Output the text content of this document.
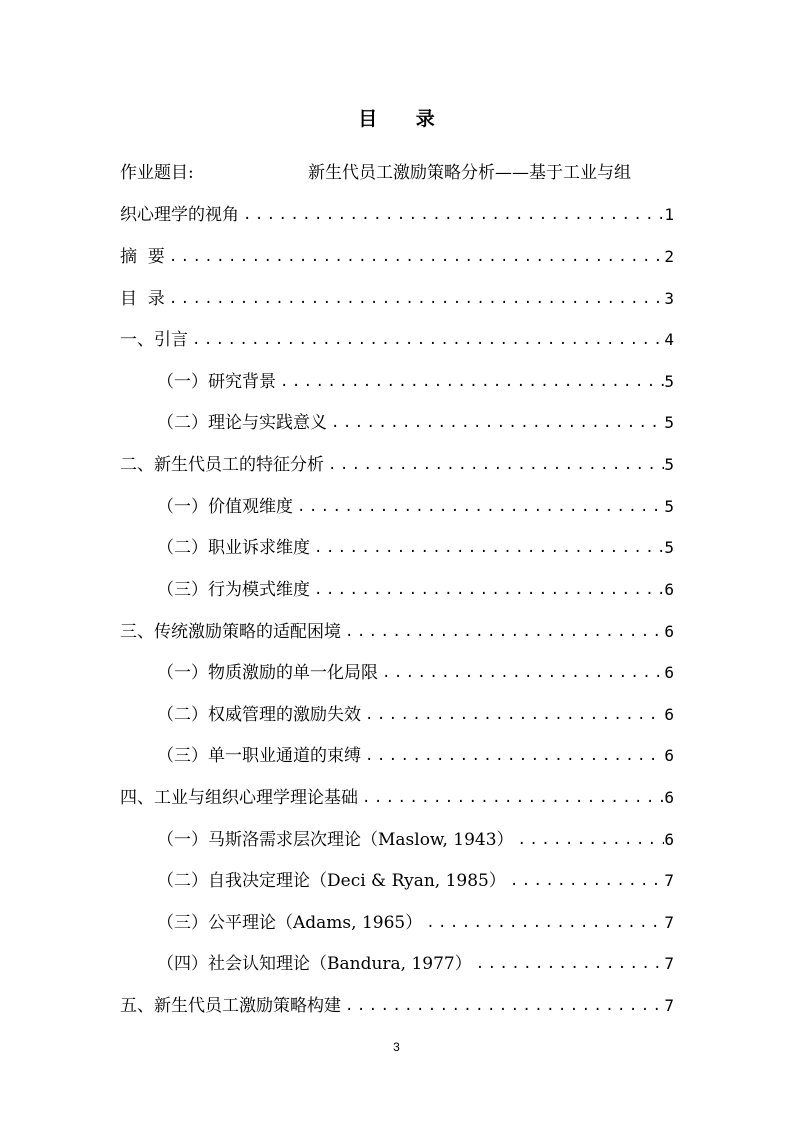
目 录
作业题目:	新生代员工激励策略分析——基于工业与组
织心理学的视角 .....	1
摘  要 .....	2
目  录 .....	3
一、引言 .....	4
（一）研究背景 .....	5
（二）理论与实践意义 .....	5
二、新生代员工的特征分析 .....	5
（一）价值观维度 .....	5
（二）职业诉求维度 .....	5
（三）行为模式维度 .....	6
三、传统激励策略的适配困境 .....	6
（一）物质激励的单一化局限 .....	6
（二）权威管理的激励失效 .....	6
（三）单一职业通道的束缚 .....	6
四、工业与组织心理学理论基础 .....	6
（一）马斯洛需求层次理论（Maslow, 1943） .....	6
（二）自我决定理论（Deci & Ryan, 1985） .....	7
（三）公平理论（Adams, 1965） .....	7
（四）社会认知理论（Bandura, 1977） .....	7
五、新生代员工激励策略构建 .....	7
3
